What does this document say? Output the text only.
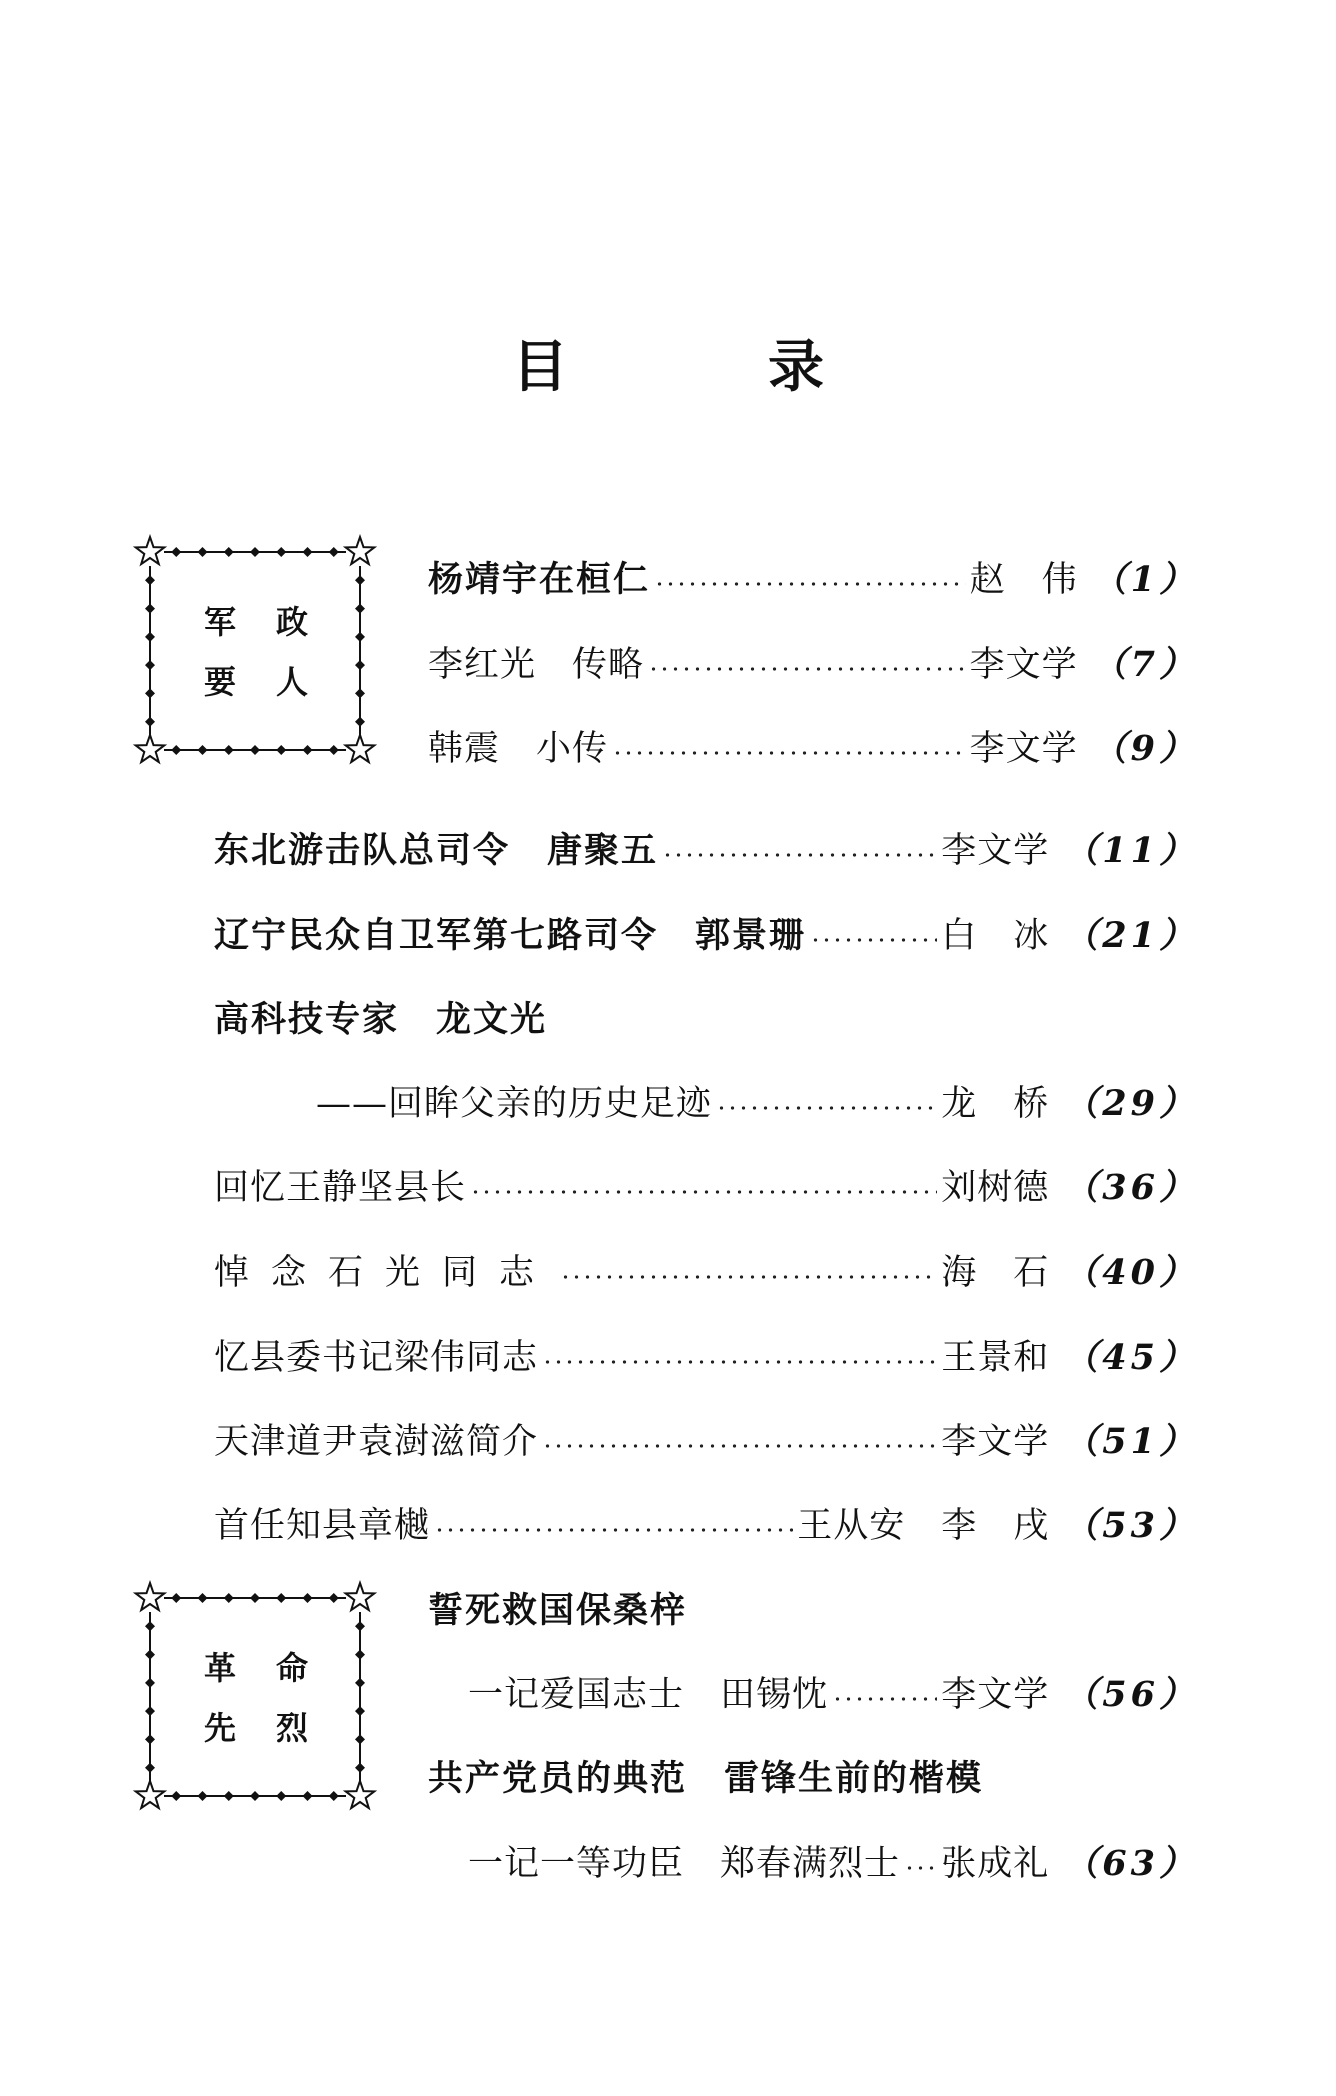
目	录
军	政
要	人
革	命
先	烈
杨靖宇在桓仁	赵　伟 （1）
李红光　传略	李文学 （7）
韩震　小传	李文学 （9）
东北游击队总司令　唐聚五	李文学 （11）
辽宁民众自卫军第七路司令　郭景珊	白　冰 （21）
高科技专家　龙文光
——回眸父亲的历史足迹	龙　桥 （29）
回忆王静坚县长	刘树德 （36）
悼念石光同志	海　石 （40）
忆县委书记梁伟同志	王景和 （45）
天津道尹袁澍滋简介	李文学 （51）
首任知县章樾	王从安　李　戌 （53）
誓死救国保桑梓
一记爱国志士　田锡忱	李文学 （56）
共产党员的典范　雷锋生前的楷模
一记一等功臣　郑春满烈士 张成礼 （63）
